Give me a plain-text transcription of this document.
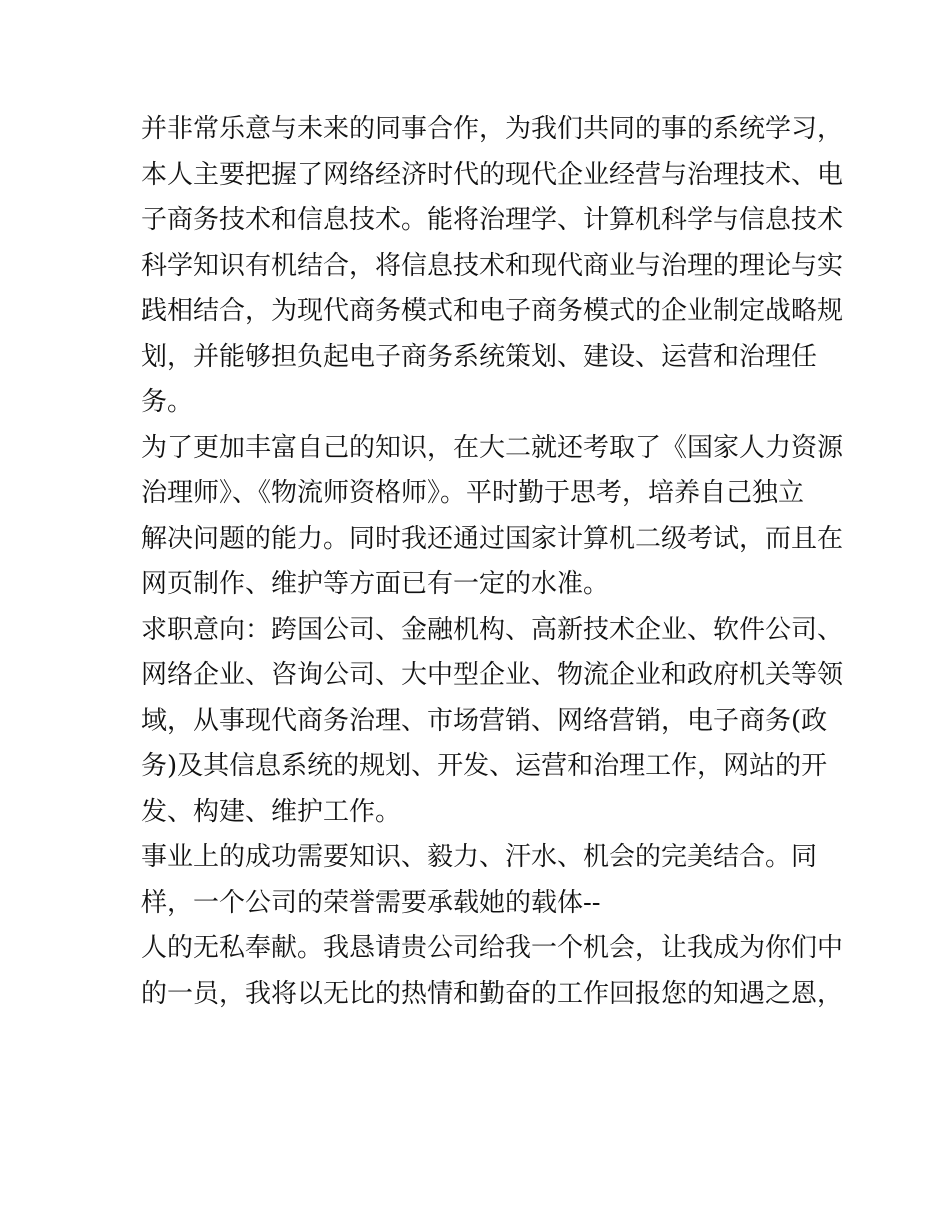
并非常乐意与未来的同事合作，为我们共同的事的系统学习，
本人主要把握了网络经济时代的现代企业经营与治理技术、电
子商务技术和信息技术。能将治理学、计算机科学与信息技术
科学知识有机结合，将信息技术和现代商业与治理的理论与实
践相结合，为现代商务模式和电子商务模式的企业制定战略规
划，并能够担负起电子商务系统策划、建设、运营和治理任
务。
为了更加丰富自己的知识，在大二就还考取了《国家人力资源
治理师》、《物流师资格师》。平时勤于思考，培养自己独立
解决问题的能力。同时我还通过国家计算机二级考试，而且在
网页制作、维护等方面已有一定的水准。
求职意向：跨国公司、金融机构、高新技术企业、软件公司、
网络企业、咨询公司、大中型企业、物流企业和政府机关等领
域，从事现代商务治理、市场营销、网络营销，电子商务(政
务)及其信息系统的规划、开发、运营和治理工作，网站的开
发、构建、维护工作。
事业上的成功需要知识、毅力、汗水、机会的完美结合。同
样，一个公司的荣誉需要承载她的载体--
人的无私奉献。我恳请贵公司给我一个机会，让我成为你们中
的一员，我将以无比的热情和勤奋的工作回报您的知遇之恩，
